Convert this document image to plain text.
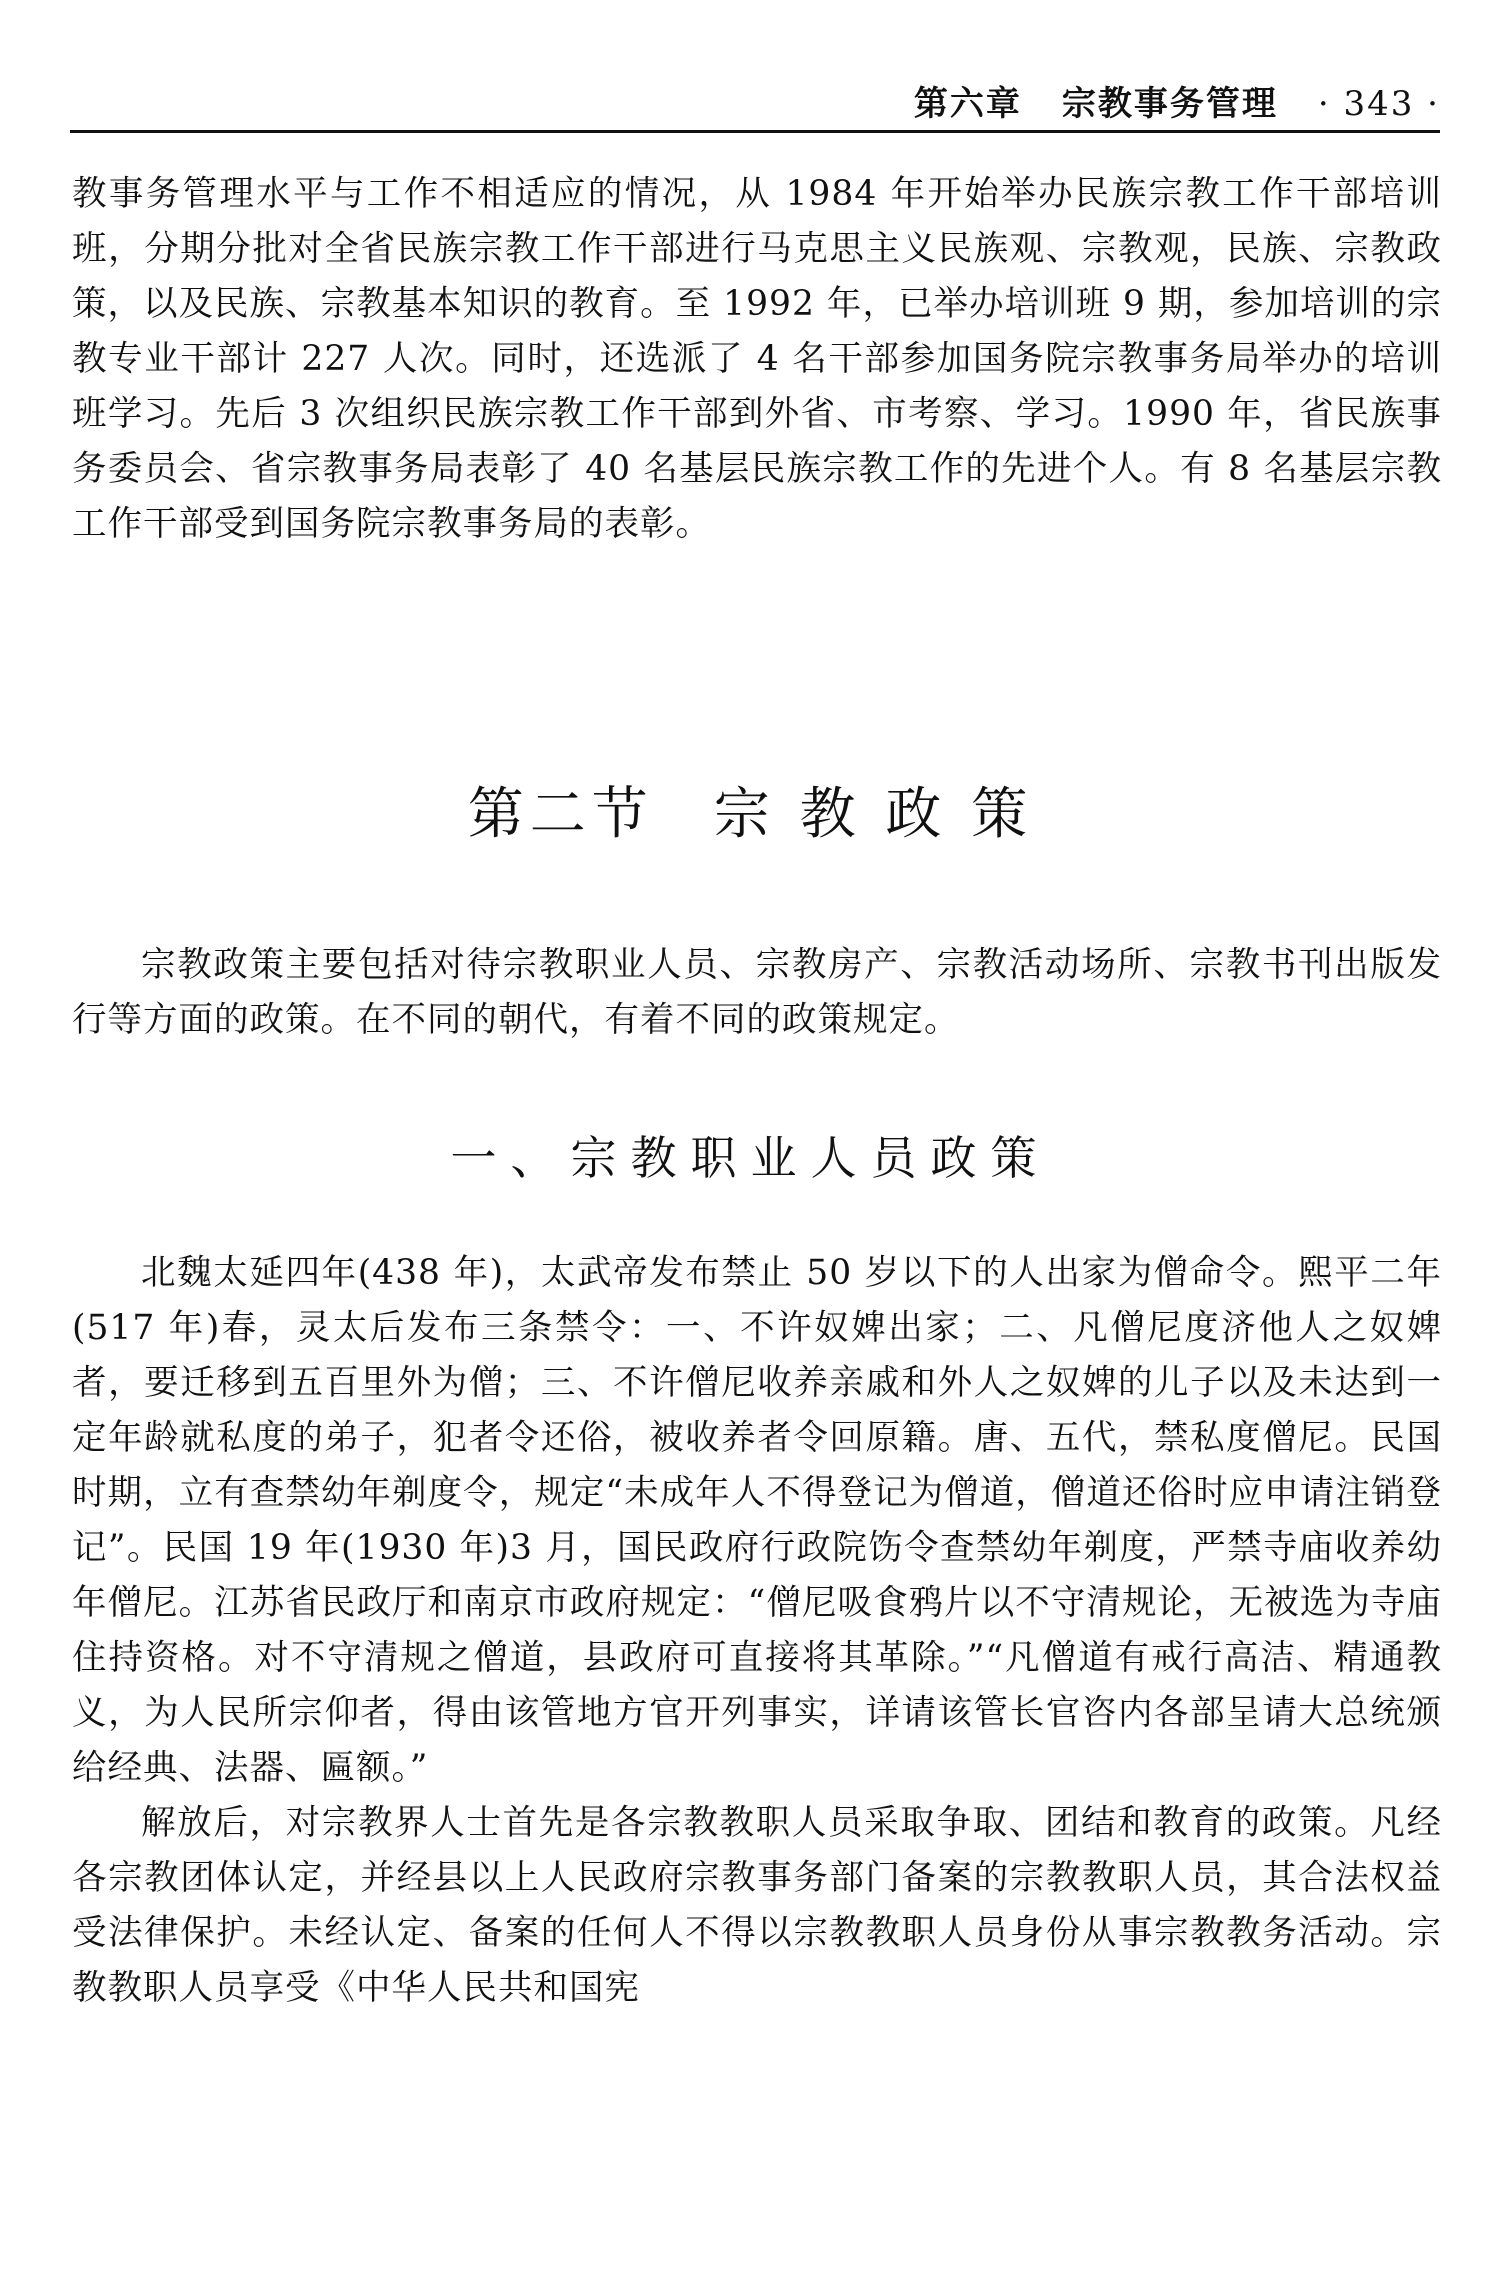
第六章 宗教事务管理 · 343 ·

教事务管理水平与工作不相适应的情况，从 1984 年开始举办民族宗教工作干部培训班，分期分批对全省民族宗教工作干部进行马克思主义民族观、宗教观，民族、宗教政策，以及民族、宗教基本知识的教育。至 1992 年，已举办培训班 9 期，参加培训的宗教专业干部计 227 人次。同时，还选派了 4 名干部参加国务院宗教事务局举办的培训班学习。先后 3 次组织民族宗教工作干部到外省、市考察、学习。1990 年，省民族事务委员会、省宗教事务局表彰了 40 名基层民族宗教工作的先进个人。有 8 名基层宗教工作干部受到国务院宗教事务局的表彰。

第二节 宗 教 政 策

宗教政策主要包括对待宗教职业人员、宗教房产、宗教活动场所、宗教书刊出版发行等方面的政策。在不同的朝代，有着不同的政策规定。

一、宗教职业人员政策

北魏太延四年(438 年)，太武帝发布禁止 50 岁以下的人出家为僧命令。熙平二年(517 年)春，灵太后发布三条禁令：一、不许奴婢出家；二、凡僧尼度济他人之奴婢者，要迁移到五百里外为僧；三、不许僧尼收养亲戚和外人之奴婢的儿子以及未达到一定年龄就私度的弟子，犯者令还俗，被收养者令回原籍。唐、五代，禁私度僧尼。民国时期，立有查禁幼年剃度令，规定“未成年人不得登记为僧道，僧道还俗时应申请注销登记”。民国 19 年(1930 年)3 月，国民政府行政院饬令查禁幼年剃度，严禁寺庙收养幼年僧尼。江苏省民政厅和南京市政府规定：“僧尼吸食鸦片以不守清规论，无被选为寺庙住持资格。对不守清规之僧道，县政府可直接将其革除。”“凡僧道有戒行高洁、精通教义，为人民所宗仰者，得由该管地方官开列事实，详请该管长官咨内各部呈请大总统颁给经典、法器、匾额。”

解放后，对宗教界人士首先是各宗教教职人员采取争取、团结和教育的政策。凡经各宗教团体认定，并经县以上人民政府宗教事务部门备案的宗教教职人员，其合法权益受法律保护。未经认定、备案的任何人不得以宗教教职人员身份从事宗教教务活动。宗教教职人员享受《中华人民共和国宪
